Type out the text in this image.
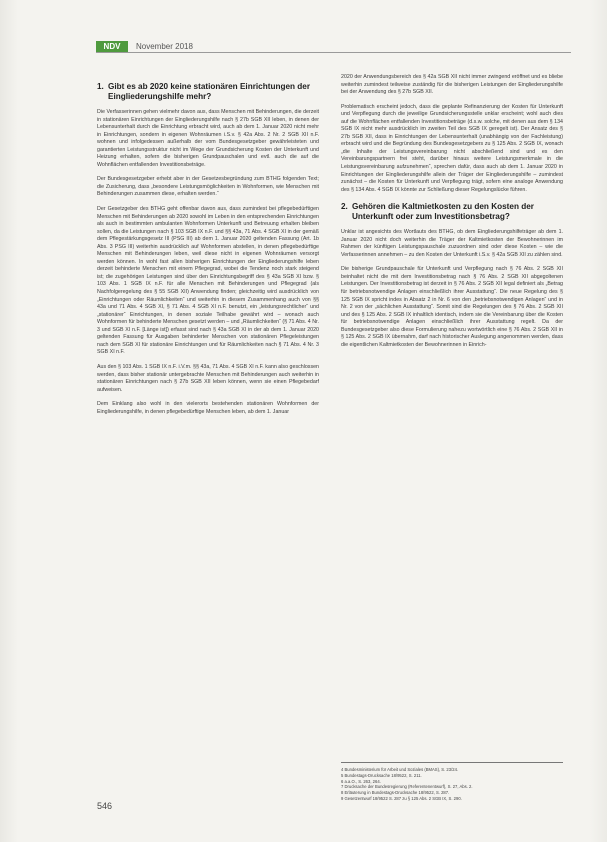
NDV	November 2018
1. Gibt es ab 2020 keine stationären Einrichtungen der Eingliederungshilfe mehr?

Die Verfasserinnen gehen vielmehr davon aus, dass Menschen mit Behinderungen, die derzeit in stationären Einrichtungen der Eingliederungshilfe nach § 27b SGB XII leben, in denen der Lebensunterhalt durch die Einrichtung erbracht wird, auch ab dem 1. Januar 2020 nicht mehr in Einrichtungen, sondern in eigenen Wohnräumen i.S.v. § 42a Abs. 2 Nr. 2 SGB XII n.F. wohnen und infolgedessen außerhalb der vom Bundesgesetzgeber gewährleisteten und garantierten Leistungsstruktur nicht im Wege der Grundsicherung Kosten der Unterkunft und Heizung erhalten, sofern die bisherigen Grundpauschalen und evtl. auch die auf die Wohnflächen entfallenden Investitionsbeträge.

Der Bundesgesetzgeber erhebt aber in der Gesetzesbegründung zum BTHG folgenden Text; die Zusicherung, dass „besondere Leistungsmöglichkeiten in Wohnformen, wie Menschen mit Behinderungen zusammen diese, erhalten werden.“

Der Gesetzgeber des BTHG geht offenbar davon aus, dass zumindest bei pflegebedürftigen Menschen mit Behinderungen ab 2020 sowohl im Leben in den entsprechenden Einrichtungen als auch in bestimmten ambulanten Wohnformen Unterkunft und Betreuung erhalten bleiben sollen, da die Leistungen nach § 103 SGB IX n.F. und §§ 43a, 71 Abs. 4 SGB XI in der gemäß dem Pflegestärkungsgesetz III (PSG III) ab dem 1. Januar 2020 geltenden Fassung (Art. 1b Abs. 3 PSG III) weiterhin ausdrücklich auf Wohnformen abstellen, in denen pflegebedürftige Menschen mit Behinderungen leben, weil diese nicht in eigenen Wohnräumen versorgt werden können. In wohl fast allen bisherigen Einrichtungen der Eingliederungshilfe leben derzeit behinderte Menschen mit einem Pflegegrad, wobei die Tendenz noch stark steigend ist; die zugehörigen Leistungen sind über den Einrichtungsbegriff des § 43a SGB XI bzw. § 103 Abs. 1 SGB IX n.F. für alle Menschen mit Behinderungen und Pflegegrad (als Nachfolgeregelung des § 55 SGB XII) Anwendung finden; gleichzeitig wird ausdrücklich von „Einrichtungen oder Räumlichkeiten“ und weiterhin in diesem Zusammenhang auch von §§ 43a und 71 Abs. 4 SGB XI, § 71 Abs. 4 SGB XI n.F. benutzt, ein „leistungsrechtlicher“ und „stationärer“ Einrichtungen, in denen soziale Teilhabe gewährt wird – wonach auch Wohnformen für behinderte Menschen gesetzt werden – und „Räumlichkeiten“ (§ 71 Abs. 4 Nr. 3 und SGB XI n.F. [Länge ist]) erfasst sind nach § 43a SGB XI in der ab dem 1. Januar 2020 geltenden Fassung für Ausgaben behinderter Menschen von stationären Pflegeleistungen nach dem SGB XI für stationäre Einrichtungen und für Räumlichkeiten nach § 71 Abs. 4 Nr. 3 SGB XI n.F.

Aus den § 103 Abs. 1 SGB IX n.F. i.V.m. §§ 43a, 71 Abs. 4 SGB XI n.F. kann also geschlossen werden, dass bisher stationär untergebrachte Menschen mit Behinderungen auch weiterhin in stationären Einrichtungen nach § 27b SGB XII leben können, wenn sie einen Pflegebedarf aufweisen.

Dem Einklang also wohl in den vielerorts bestehenden stationären Wohnformen der Eingliederungshilfe, in denen pflegebedürftige Menschen leben, ab dem 1. Januar

2020 der Anwendungsbereich des § 42a SGB XII nicht immer zwingend eröffnet und es bliebe weiterhin zumindest teilweise zuständig für die bisherigen Leistungen der Eingliederungshilfe bei der Anwendung des § 27b SGB XII.

Problematisch erscheint jedoch, dass die geplante Refinanzierung der Kosten für Unterkunft und Verpflegung durch die jeweilige Grundsicherungsstelle unklar erscheint; wohl auch dies auf die Wohnflächen entfallenden Investitionsbeträge (d.s.w. solche, mit denen aus dem § 134 SGB IX nicht mehr ausdrücklich im zweiten Teil des SGB IX geregelt ist). Der Ansatz des § 27b SGB XII, dass in Einrichtungen der Lebensunterhalt (unabhängig von der Fachleistung) erbracht wird und die Begründung des Bundesgesetzgebers zu § 125 Abs. 2 SGB IX, wonach „die Inhalte der Leistungsvereinbarung nicht abschließend sind und es den Vereinbarungspartnern frei steht, darüber hinaus weitere Leistungsmerkmale in die Leistungsvereinbarung aufzunehmen“, sprechen dafür, dass auch ab dem 1. Januar 2020 in Einrichtungen der Eingliederungshilfe allein der Träger der Eingliederungshilfe – zumindest zunächst – die Kosten für Unterkunft und Verpflegung trägt, sofern eine analoge Anwendung des § 134 Abs. 4 SGB IX könnte zur Schließung dieser Regelungslücke führen.

2. Gehören die Kaltmietkosten zu den Kosten der Unterkunft oder zum Investitionsbetrag?

Unklar ist angesichts des Wortlauts des BTHG, ob dem Eingliederungshilfeträger ab dem 1. Januar 2020 nicht doch weiterhin die Träger der Kaltmietkosten der Bewohnerinnen im Rahmen der künftigen Leistungspauschale zuzuordnen sind oder diese Kosten – wie die Verfasserinnen annehmen – zu den Kosten der Unterkunft i.S.v. § 42a SGB XII zu zählen sind.

Die bisherige Grundpauschale für Unterkunft und Verpflegung nach § 76 Abs. 2 SGB XII beinhaltet nicht die mit dem Investitionsbetrag nach § 76 Abs. 2 SGB XII abgegoltenen Leistungen. Der Investitionsbetrag ist derzeit in § 76 Abs. 2 SGB XII legal definiert als „Betrag für betriebsnotwendige Anlagen einschließlich ihrer Ausstattung“. Die neue Regelung des § 125 SGB IX spricht indes in Absatz 2 in Nr. 6 von den „betriebsnotwendigen Anlagen“ und in Nr. 2 von der „sächlichen Ausstattung“. Somit sind die Regelungen des § 76 Abs. 2 SGB XII und des § 125 Abs. 2 SGB IX inhaltlich identisch, indem sie die Vereinbarung über die Kosten für betriebsnotwendige Anlagen einschließlich ihrer Ausstattung regelt. Da der Bundesgesetzgeber also diese Formulierung nahezu wortwörtlich eine § 76 Abs. 2 SGB XII in § 125 Abs. 2 SGB IX übernahm, darf nach historischer Auslegung angenommen werden, dass die eigentlichen Kaltmietkosten der Bewohnerinnen in Einrich-

4 Bundesministerium für Arbeit und Soziales (BMAS), S. 23/24.
5 Bundestags-Drucksache 18/9522, S. 211.
6 a.a.O., S. 263, 264.
7 Drucksache der Bundesregierung (Referentenentwurf), S. 27, Abs. 2.
8 Erläuterung in Bundestags-Drucksache 18/9522, S. 287.
9 Gesetzentwurf 18/9522 S. 287 zu § 125 Abs. 2 SGB IX, S. 290.
546
